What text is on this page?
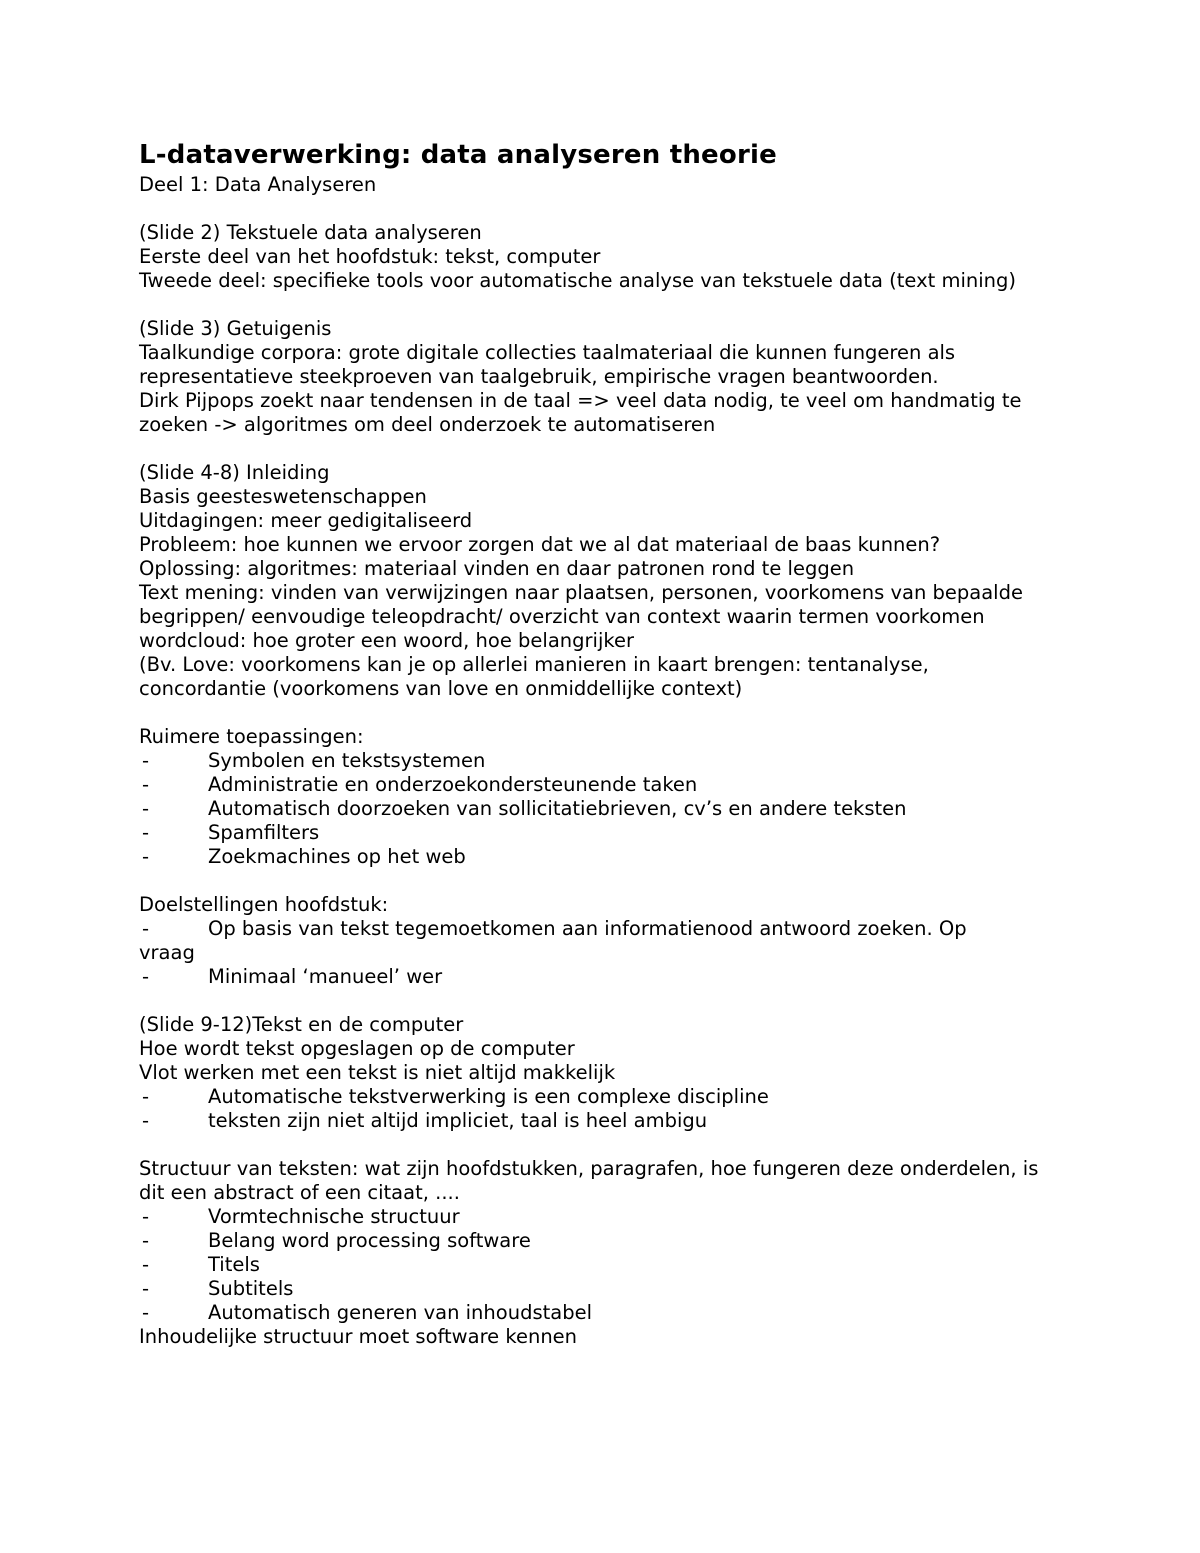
L-dataverwerking: data analyseren theorie

Deel 1: Data Analyseren

(Slide 2) Tekstuele data analyseren

Eerste deel van het hoofdstuk: tekst, computer

Tweede deel: specifieke tools voor automatische analyse van tekstuele data (text mining)

(Slide 3) Getuigenis

Taalkundige corpora: grote digitale collecties taalmateriaal die kunnen fungeren als representatieve steekproeven van taalgebruik, empirische vragen beantwoorden.

Dirk Pijpops zoekt naar tendensen in de taal => veel data nodig, te veel om handmatig te zoeken -> algoritmes om deel onderzoek te automatiseren

(Slide 4-8) Inleiding

Basis geesteswetenschappen

Uitdagingen: meer gedigitaliseerd

Probleem: hoe kunnen we ervoor zorgen dat we al dat materiaal de baas kunnen?

Oplossing: algoritmes: materiaal vinden en daar patronen rond te leggen

Text mening: vinden van verwijzingen naar plaatsen, personen, voorkomens van bepaalde begrippen/ eenvoudige teleopdracht/ overzicht van context waarin termen voorkomen

wordcloud: hoe groter een woord, hoe belangrijker

(Bv. Love: voorkomens kan je op allerlei manieren in kaart brengen: tentanalyse, concordantie (voorkomens van love en onmiddellijke context)

Ruimere toepassingen:

-	Symbolen en tekstsystemen
-	Administratie en onderzoekondersteunende taken
-	Automatisch doorzoeken van sollicitatiebrieven, cv’s en andere teksten
-	Spamfilters
-	Zoekmachines op het web

Doelstellingen hoofdstuk:

-	Op basis van tekst tegemoetkomen aan informatienood antwoord zoeken. Op

vraag

-	Minimaal ‘manueel’ wer

(Slide 9-12)Tekst en de computer

Hoe wordt tekst opgeslagen op de computer

Vlot werken met een tekst is niet altijd makkelijk

-	Automatische tekstverwerking is een complexe discipline
-	teksten zijn niet altijd impliciet, taal is heel ambigu

Structuur van teksten: wat zijn hoofdstukken, paragrafen, hoe fungeren deze onderdelen, is dit een abstract of een citaat, ....

-	Vormtechnische structuur
-	Belang word processing software
-	Titels
-	Subtitels
-	Automatisch generen van inhoudstabel

Inhoudelijke structuur moet software kennen
